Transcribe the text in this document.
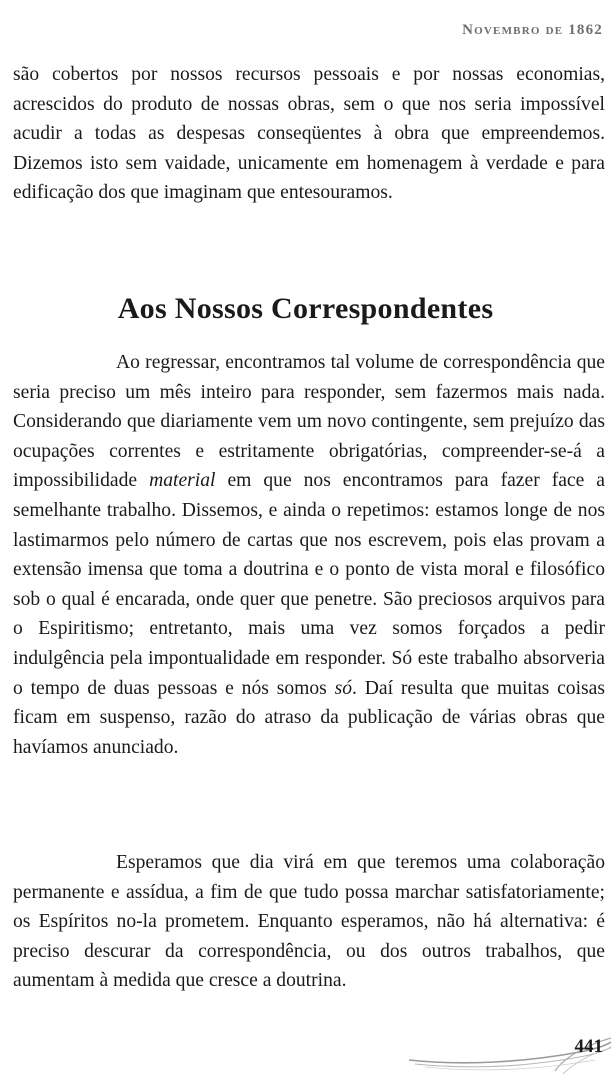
Novembro de 1862

são cobertos por nossos recursos pessoais e por nossas economias, acrescidos do produto de nossas obras, sem o que nos seria impossível acudir a todas as despesas conseqüentes à obra que empreendemos. Dizemos isto sem vaidade, unicamente em homenagem à verdade e para edificação dos que imaginam que entesouramos.

Aos Nossos Correspondentes

Ao regressar, encontramos tal volume de correspondência que seria preciso um mês inteiro para responder, sem fazermos mais nada. Considerando que diariamente vem um novo contingente, sem prejuízo das ocupações correntes e estritamente obrigatórias, compreender-se-á a impossibilidade material em que nos encontramos para fazer face a semelhante trabalho. Dissemos, e ainda o repetimos: estamos longe de nos lastimarmos pelo número de cartas que nos escrevem, pois elas provam a extensão imensa que toma a doutrina e o ponto de vista moral e filosófico sob o qual é encarada, onde quer que penetre. São preciosos arquivos para o Espiritismo; entretanto, mais uma vez somos forçados a pedir indulgência pela impontualidade em responder. Só este trabalho absorveria o tempo de duas pessoas e nós somos só. Daí resulta que muitas coisas ficam em suspenso, razão do atraso da publicação de várias obras que havíamos anunciado.

Esperamos que dia virá em que teremos uma colaboração permanente e assídua, a fim de que tudo possa marchar satisfatoriamente; os Espíritos no-la prometem. Enquanto esperamos, não há alternativa: é preciso descurar da correspondência, ou dos outros trabalhos, que aumentam à medida que cresce a doutrina.

441
